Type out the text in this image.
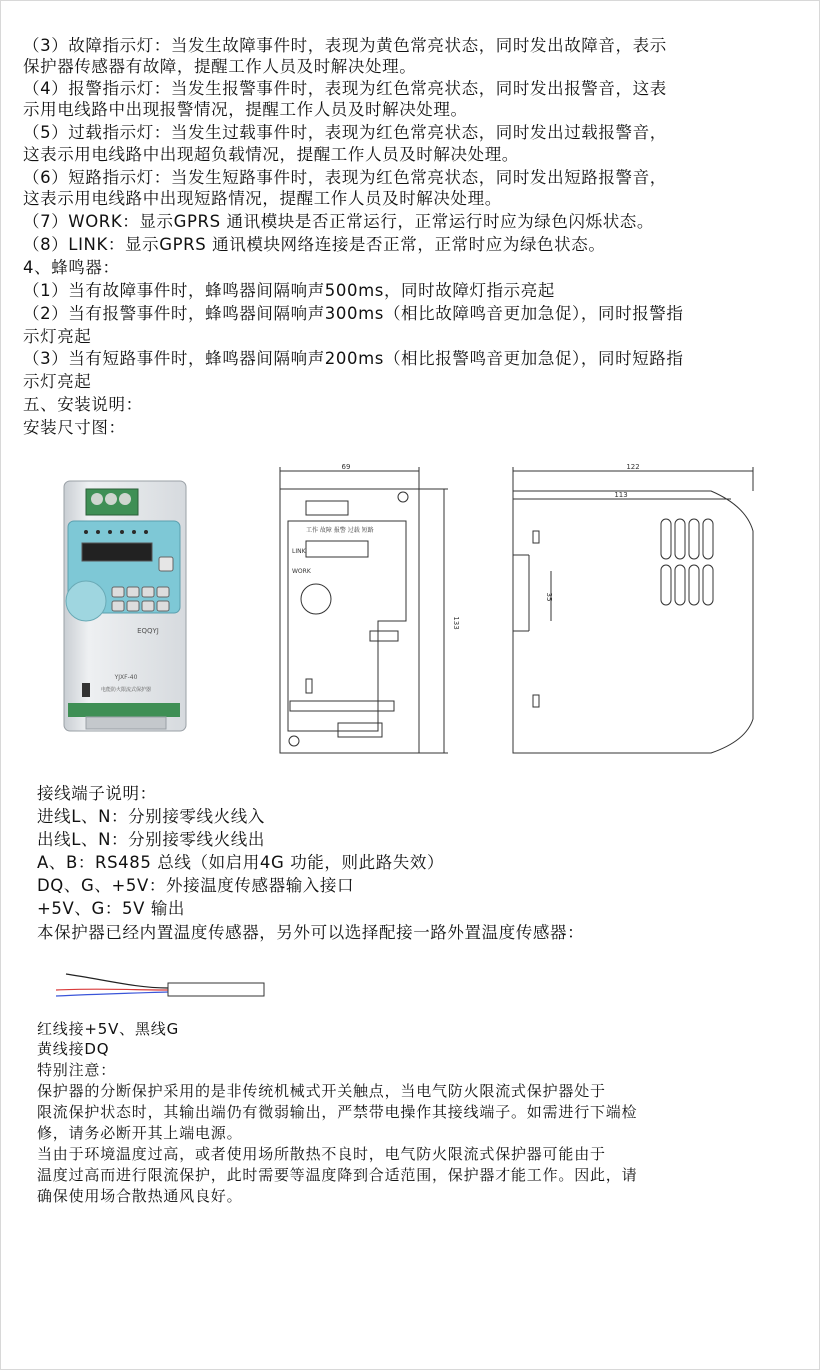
（3）故障指示灯：当发生故障事件时，表现为黄色常亮状态，同时发出故障音，表示
保护器传感器有故障，提醒工作人员及时解决处理。
（4）报警指示灯：当发生报警事件时，表现为红色常亮状态，同时发出报警音，这表
示用电线路中出现报警情况，提醒工作人员及时解决处理。
（5）过载指示灯：当发生过载事件时，表现为红色常亮状态，同时发出过载报警音，
这表示用电线路中出现超负载情况，提醒工作人员及时解决处理。
（6）短路指示灯：当发生短路事件时，表现为红色常亮状态，同时发出短路报警音，
这表示用电线路中出现短路情况，提醒工作人员及时解决处理。
（7）WORK：显示GPRS 通讯模块是否正常运行，正常运行时应为绿色闪烁状态。
（8）LINK：显示GPRS 通讯模块网络连接是否正常，正常时应为绿色状态。
4、蜂鸣器：
（1）当有故障事件时，蜂鸣器间隔响声500ms，同时故障灯指示亮起
（2）当有报警事件时，蜂鸣器间隔响声300ms（相比故障鸣音更加急促），同时报警指
示灯亮起
（3）当有短路事件时，蜂鸣器间隔响声200ms（相比报警鸣音更加急促），同时短路指
示灯亮起
五、安装说明：
安装尺寸图：
EQQYJ
YJXF-40
电能防火限流式保护器
工作 故障 报警 过载 短路
LINK
WORK
69
133
122
113
35
接线端子说明：
进线L、N：分别接零线火线入
出线L、N：分别接零线火线出
A、B：RS485 总线（如启用4G 功能，则此路失效）
DQ、G、+5V：外接温度传感器输入接口
+5V、G：5V 输出
本保护器已经内置温度传感器，另外可以选择配接一路外置温度传感器：
红线接+5V、黑线G
黄线接DQ
特别注意：
保护器的分断保护采用的是非传统机械式开关触点，当电气防火限流式保护器处于
限流保护状态时，其输出端仍有微弱输出，严禁带电操作其接线端子。如需进行下端检
修，请务必断开其上端电源。
当由于环境温度过高，或者使用场所散热不良时，电气防火限流式保护器可能由于
温度过高而进行限流保护，此时需要等温度降到合适范围，保护器才能工作。因此，请
确保使用场合散热通风良好。
